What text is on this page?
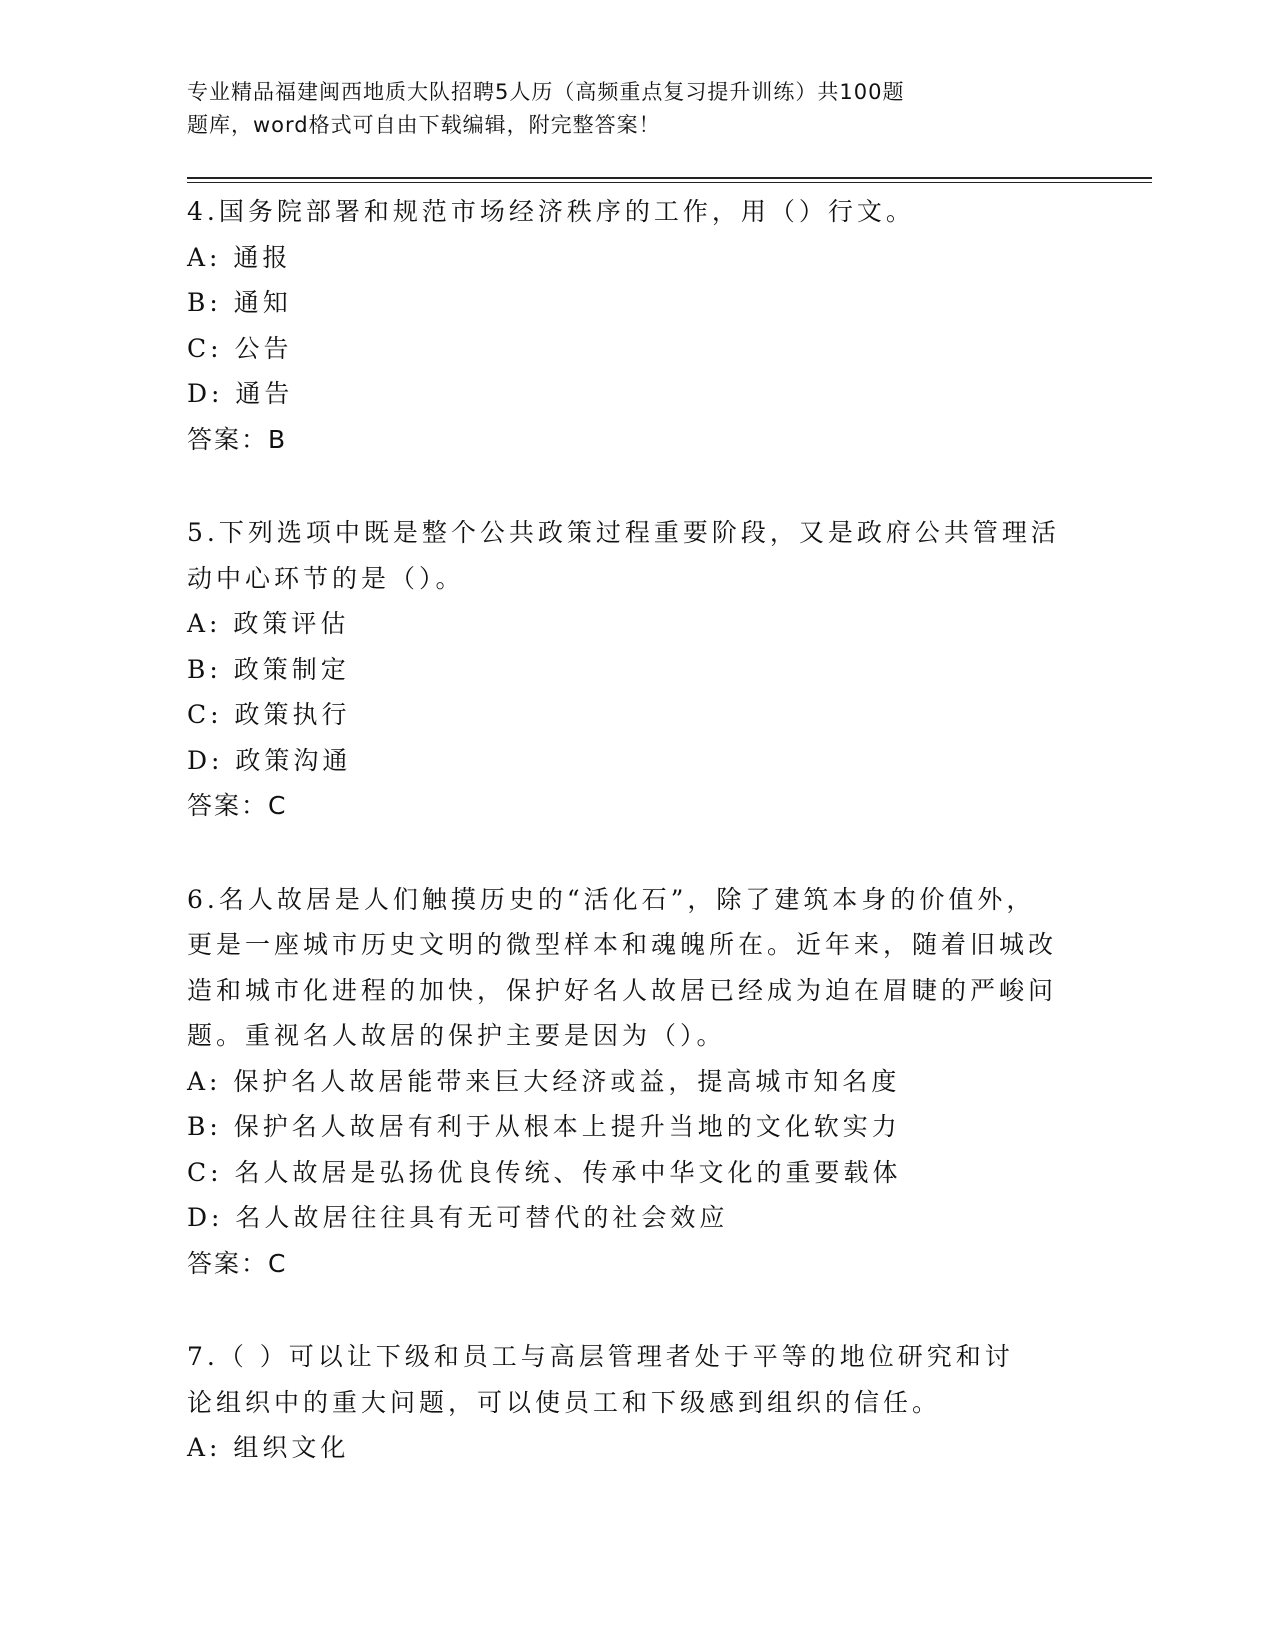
专业精品福建闽西地质大队招聘5人历（高频重点复习提升训练）共100题
题库，word格式可自由下载编辑，附完整答案！
4.国务院部署和规范市场经济秩序的工作，用（）行文。
A: 通报
B: 通知
C: 公告
D: 通告
答案：B
5.下列选项中既是整个公共政策过程重要阶段，又是政府公共管理活
动中心环节的是（）。
A: 政策评估
B: 政策制定
C: 政策执行
D: 政策沟通
答案：C
6.名人故居是人们触摸历史的“活化石”，除了建筑本身的价值外，
更是一座城市历史文明的微型样本和魂魄所在。近年来，随着旧城改
造和城市化进程的加快，保护好名人故居已经成为迫在眉睫的严峻问
题。重视名人故居的保护主要是因为（）。
A: 保护名人故居能带来巨大经济或益，提高城市知名度
B: 保护名人故居有利于从根本上提升当地的文化软实力
C: 名人故居是弘扬优良传统、传承中华文化的重要载体
D: 名人故居往往具有无可替代的社会效应
答案：C
7.（ ）可以让下级和员工与高层管理者处于平等的地位研究和讨
论组织中的重大问题，可以使员工和下级感到组织的信任。
A: 组织文化
